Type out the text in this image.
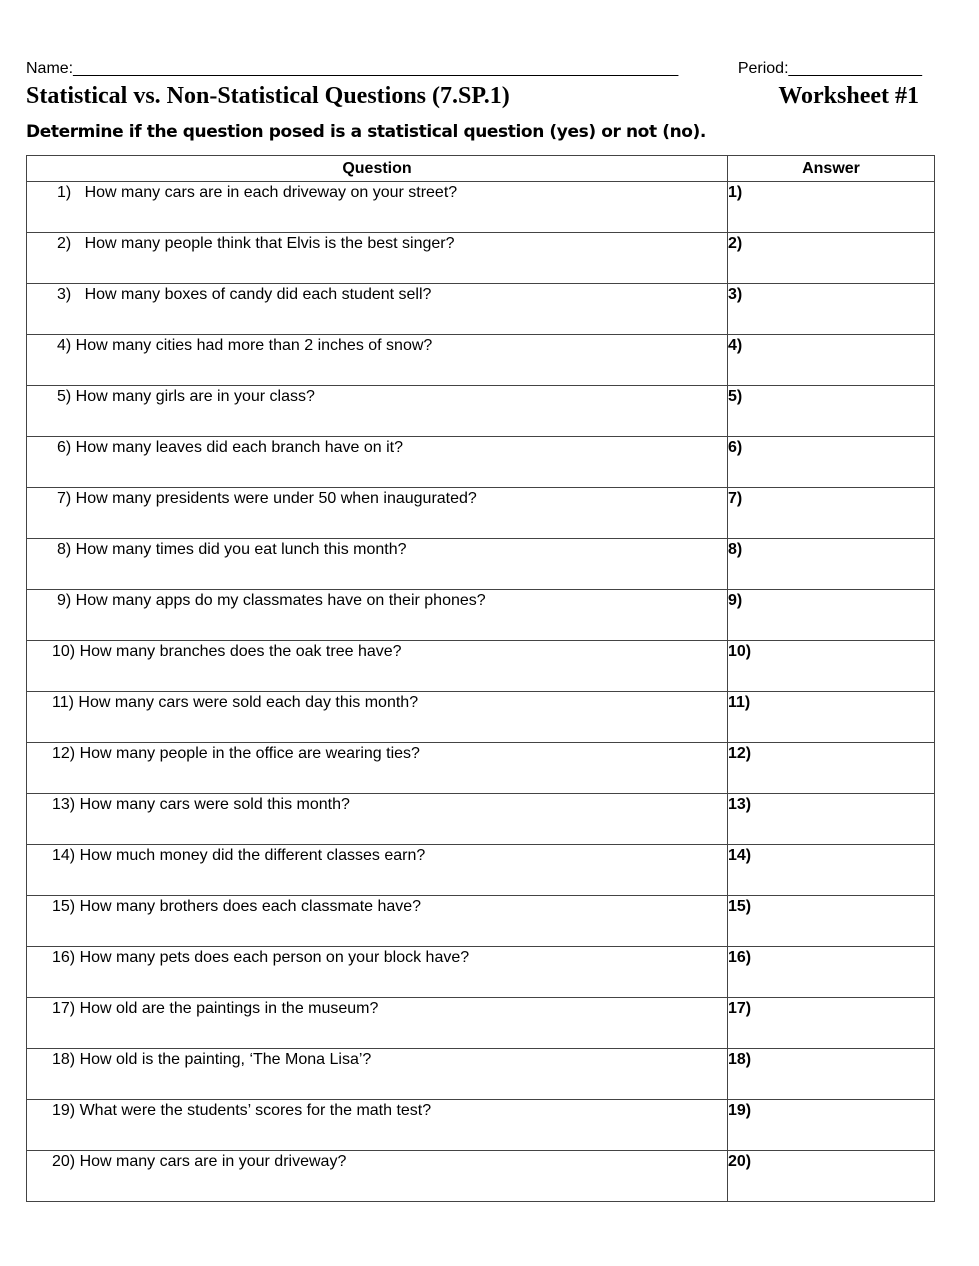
Name:____________________________________________________________________	Period:_______________
Statistical vs. Non-Statistical Questions (7.SP.1)	Worksheet #1
Determine if the question posed is a statistical question (yes) or not (no).
Question	Answer
1)   How many cars are in each driveway on your street?	1)
2)   How many people think that Elvis is the best singer?	2)
3)   How many boxes of candy did each student sell?	3)
4) How many cities had more than 2 inches of snow?	4)
5) How many girls are in your class?	5)
6) How many leaves did each branch have on it?	6)
7) How many presidents were under 50 when inaugurated?	7)
8) How many times did you eat lunch this month?	8)
9) How many apps do my classmates have on their phones?	9)
10) How many branches does the oak tree have?	10)
11) How many cars were sold each day this month?	11)
12) How many people in the office are wearing ties?	12)
13) How many cars were sold this month?	13)
14) How much money did the different classes earn?	14)
15) How many brothers does each classmate have?	15)
16) How many pets does each person on your block have?	16)
17) How old are the paintings in the museum?	17)
18) How old is the painting, ‘The Mona Lisa’?	18)
19) What were the students’ scores for the math test?	19)
20) How many cars are in your driveway?	20)
